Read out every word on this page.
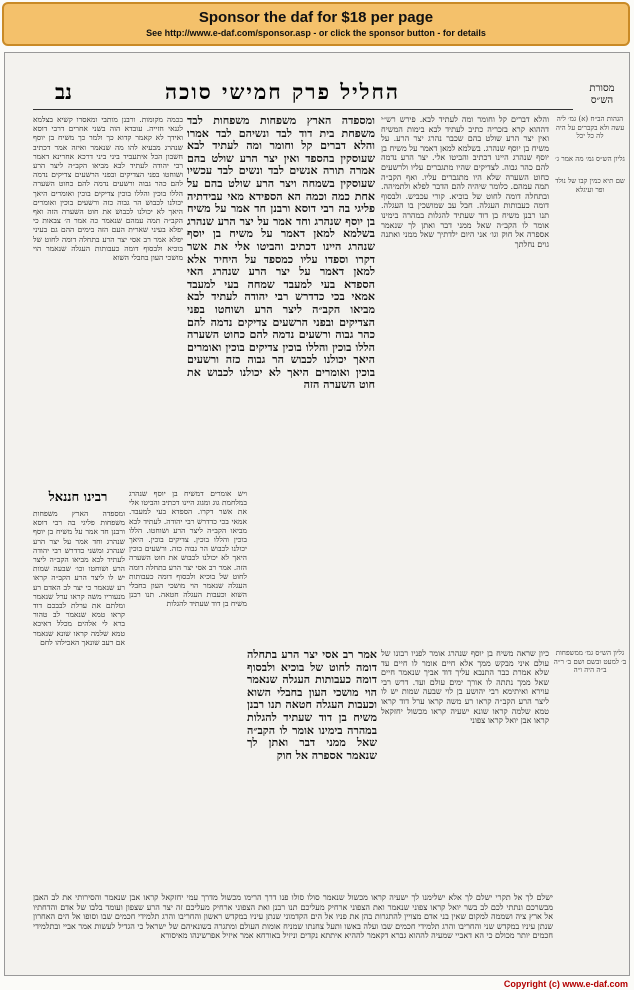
Sponsor the daf for $18 per page
See http://www.e-daf.com/sponsor.asp - or click the sponsor button - for details
נב	החליל פרק חמישי סוכה	מסורת הש״ס
בכמה מקומות. ורבנן מותבי ומאסרו קשיא בצלמא לגנאי חזייה. עובדא הוה בשני אחרים דרבי דוסא ואידך לא קאמר קדוא כך ולמר כך משיח בן יוסף שנהרג מבעיא להו מה שנאמר ואיזה אמר דכתיב חשבון הכל איתעביד ביני ביני דרכא אחרינא דאמר רבי יהודה לעתיד לבא מביאו הקב״ה ליצר הרע ושוחטו בפני הצדיקים ובפני הרשעים צדיקים נדמה להם כהר גבוה ורשעים נדמה להם כחוט השערה הללו בוכין והללו בוכין צדיקים בוכין ואומרים היאך יכולנו לכבוש הר גבוה כזה ורשעים בוכין ואומרים היאך לא יכולנו לכבוש את חוט השערה הזה ואף הקב״ה תמה עמהם שנאמר כה אמר ה׳ צבאות כי יפלא בעיני שארית העם הזה בימים ההם גם בעיני יפלא אמר רב אסי יצר הרע בתחלה דומה לחוט של בוכיא ולבסוף דומה כעבותות העגלה שנאמר הוי מושכי העון בחבלי השוא
ומספדה הארץ משפחות משפחות לבד משפחת בית דוד לבד ונשיהם לבד אמרו והלא דברים קל וחומר ומה לעתיד לבא שעוסקין בהספד ואין יצר הרע שולט בהם אמרה תורה אנשים לבד ונשים לבד עכשיו שעוסקין בשמחה ויצר הרע שולט בהם על אחת כמה וכמה הא הספידא מאי עבידתיה פליגי בה רבי דוסא ורבנן חד אמר על משיח בן יוסף שנהרג וחד אמר על יצר הרע שנהרג בשלמא למאן דאמר על משיח בן יוסף שנהרג היינו דכתיב והביטו אלי את אשר דקרו וספדו עליו כמספד על היחיד אלא למאן דאמר על יצר הרע שנהרג האי הספדא בעי למעבד שמחה בעי למעבד אמאי בכי כדדרש רבי יהודה לעתיד לבא מביאו הקב״ה ליצר הרע ושוחטו בפני הצדיקים ובפני הרשעים צדיקים נדמה להם כהר גבוה ורשעים נדמה להם כחוט השערה הללו בוכין והללו בוכין צדיקים בוכין ואומרים היאך יכולנו לכבוש הר גבוה כזה ורשעים בוכין ואומרים היאך לא יכולנו לכבוש את חוט השערה הזה
והלא דברים קל וחומר ומה לעתיד לבא. פירש רש״י דההוא קרא בזכריה כתיב לעתיד לבא בימות המשיח ואין יצר הרע שולט בהם שכבר נהרג יצר הרע. על משיח בן יוסף שנהרג. בשלמא למאן דאמר על משיח בן יוסף שנהרג היינו דכתיב והביטו אלי. יצר הרע נדמה להם כהר גבוה. לצדיקים שהיו מתגברים עליו ולרשעים כחוט השערה שלא היו מתגברים עליו. ואף הקב״ה תמה עמהם. כלומר שיהיה להם הדבר לפלא ולתמיהה. ובתחלה דומה לחוט של בוכיא. קורי עכביש. ולבסוף דומה כעבותות העגלה. חבל עב שמושכין בו העגלה. תנו רבנן משיח בן דוד שעתיד להגלות במהרה בימינו אומר לו הקב״ה שאל ממני דבר ואתן לך שנאמר אספרה אל חוק וגו׳ אני היום ילדתיך שאל ממני ואתנה גוים נחלתך
הגהות הב״ח (א) גמ׳ ליה עשה ולא בקברים על היה לה כל יכל
גליון הש״ס גמ׳ מה אמר ג׳
שם תיא כמין קבו של נולד ופר ועיגלא
רבינו חננאל
ומספדה הארץ משפחות משפחות פליגי בה רבי דוסא ורבנן חד אמר על משיח בן יוסף שנהרג וחד אמר על יצר הרע שנהרג ומשני כדדרש רבי יהודה לעתיד לבא מביאו הקב״ה ליצר הרע ושוחטו וכו׳ שבעה שמות יש לו ליצר הרע הקב״ה קראו רע שנאמר כי יצר לב האדם רע מנעוריו משה קראו ערל שנאמר ומלתם את ערלת לבבכם דוד קראו טמא שנאמר לב טהור ברא לי אלהים מכלל דאיכא טמא שלמה קראו שונא שנאמר אם רעב שונאך האכילהו לחם
ויש אומרים דמשיח בן יוסף שנהרג במלחמת גוג ומגוג היינו דכתיב והביטו אלי את אשר דקרו. הספדא בעי למעבד. אמאי בכי כדדרש רבי יהודה. לעתיד לבא מביאו הקב״ה ליצר הרע ושוחטו. הללו בוכין והללו בוכין. צדיקים בוכין. היאך יכולנו לכבוש הר גבוה כזה. ורשעים בוכין היאך לא יכולנו לכבוש את חוט השערה הזה. אמר רב אסי יצר הרע בתחלה דומה לחוט של בוכיא ולבסוף דומה כעבותות העגלה שנאמר הוי מושכי העון בחבלי השוא וכעבות העגלה חטאה. תנו רבנן משיח בן דוד שעתיד להגלות
אמר רב אסי יצר הרע בתחלה דומה לחוט של בוכיא ולבסוף דומה כעבותות העגלה שנאמר הוי מושכי העון בחבלי השוא וכעבות העגלה חטאה תנו רבנן משיח בן דוד שעתיד להגלות במהרה בימינו אומר לו הקב״ה שאל ממני דבר ואתן לך שנאמר אספרה אל חוק
כיון שראה משיח בן יוסף שנהרג אומר לפניו רבונו של עולם איני מבקש ממך אלא חיים אומר לו חיים עד שלא אמרת כבר התנבא עליך דוד אביך שנאמר חיים שאל ממך נתתה לו אורך ימים עולם ועד. דרש רבי עוירא ואיתימא רבי יהושע בן לוי שבעה שמות יש לו ליצר הרע הקב״ה קראו רע משה קראו ערל דוד קראו טמא שלמה קראו שונא ישעיה קראו מכשול יחזקאל קראו אבן יואל קראו צפוני
גליון הש״ס גמ׳ ממשפחות ב׳ למעט ובשם ושם ב׳ ר״ה ב״ה היה ו״ה
ישלם לך אל תקרי ישלם לך אלא ישלימנו לך ישעיה קראו מכשול שנאמר סולו סולו פנו דרך הרימו מכשול מדרך עמי יחזקאל קראו אבן שנאמר והסירותי את לב האבן מבשרכם ונתתי לכם לב בשר יואל קראו צפוני שנאמר ואת הצפוני ארחיק מעליכם תנו רבנן ואת הצפוני ארחיק מעליכם זה יצר הרע שצפון ועומד בלבו של אדם והדחתיו אל ארץ ציה ושממה למקום שאין בני אדם מצויין להתגרות בהן את פניו אל הים הקדמוני שנתן עיניו במקדש ראשון והחריבו והרג תלמידי חכמים שבו וסופו אל הים האחרון שנתן עיניו במקדש שני והחריבו והרג תלמידי חכמים שבו ועלה באשו ותעל צחנתו שמניח אומות העולם ומתגרה בשונאיהם של ישראל כי הגדיל לעשות אמר אביי ובתלמידי חכמים יותר מכולם כי הא דאביי שמעיה לההוא גברא דקאמר לההיא איתתא נקדים וניזיל באורחא אמר איזיל אפרשינהו מאיסורא
Copyright (c) www.e-daf.com
